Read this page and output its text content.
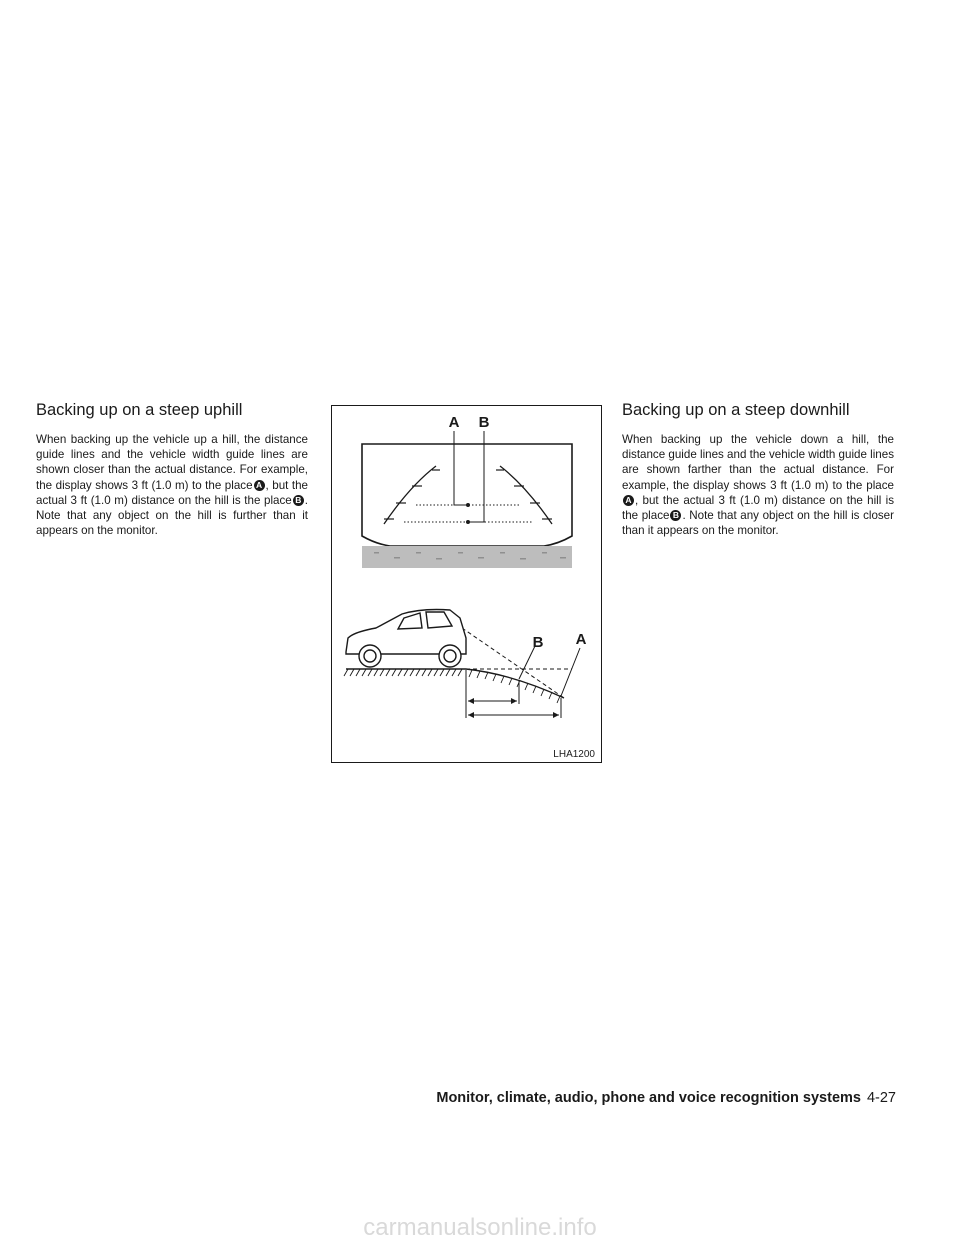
Backing up on a steep uphill

When backing up the vehicle up a hill, the distance guide lines and the vehicle width guide lines are shown closer than the actual distance. For example, the display shows 3 ft (1.0 m) to the place A , but the actual 3 ft (1.0 m) distance on the hill is the place B . Note that any object on the hill is further than it appears on the monitor.

A B
B A
LHA1200
Backing up on a steep downhill

When backing up the vehicle down a hill, the distance guide lines and the vehicle width guide lines are shown farther than the actual distance. For example, the display shows 3 ft (1.0 m) to the placeA , but the actual 3 ft (1.0 m) distance on the hill is the place B . Note that any object on the hill is closer than it appears on the monitor.

Monitor, climate, audio, phone and voice recognition systems 4-27
carmanualsonline.info
